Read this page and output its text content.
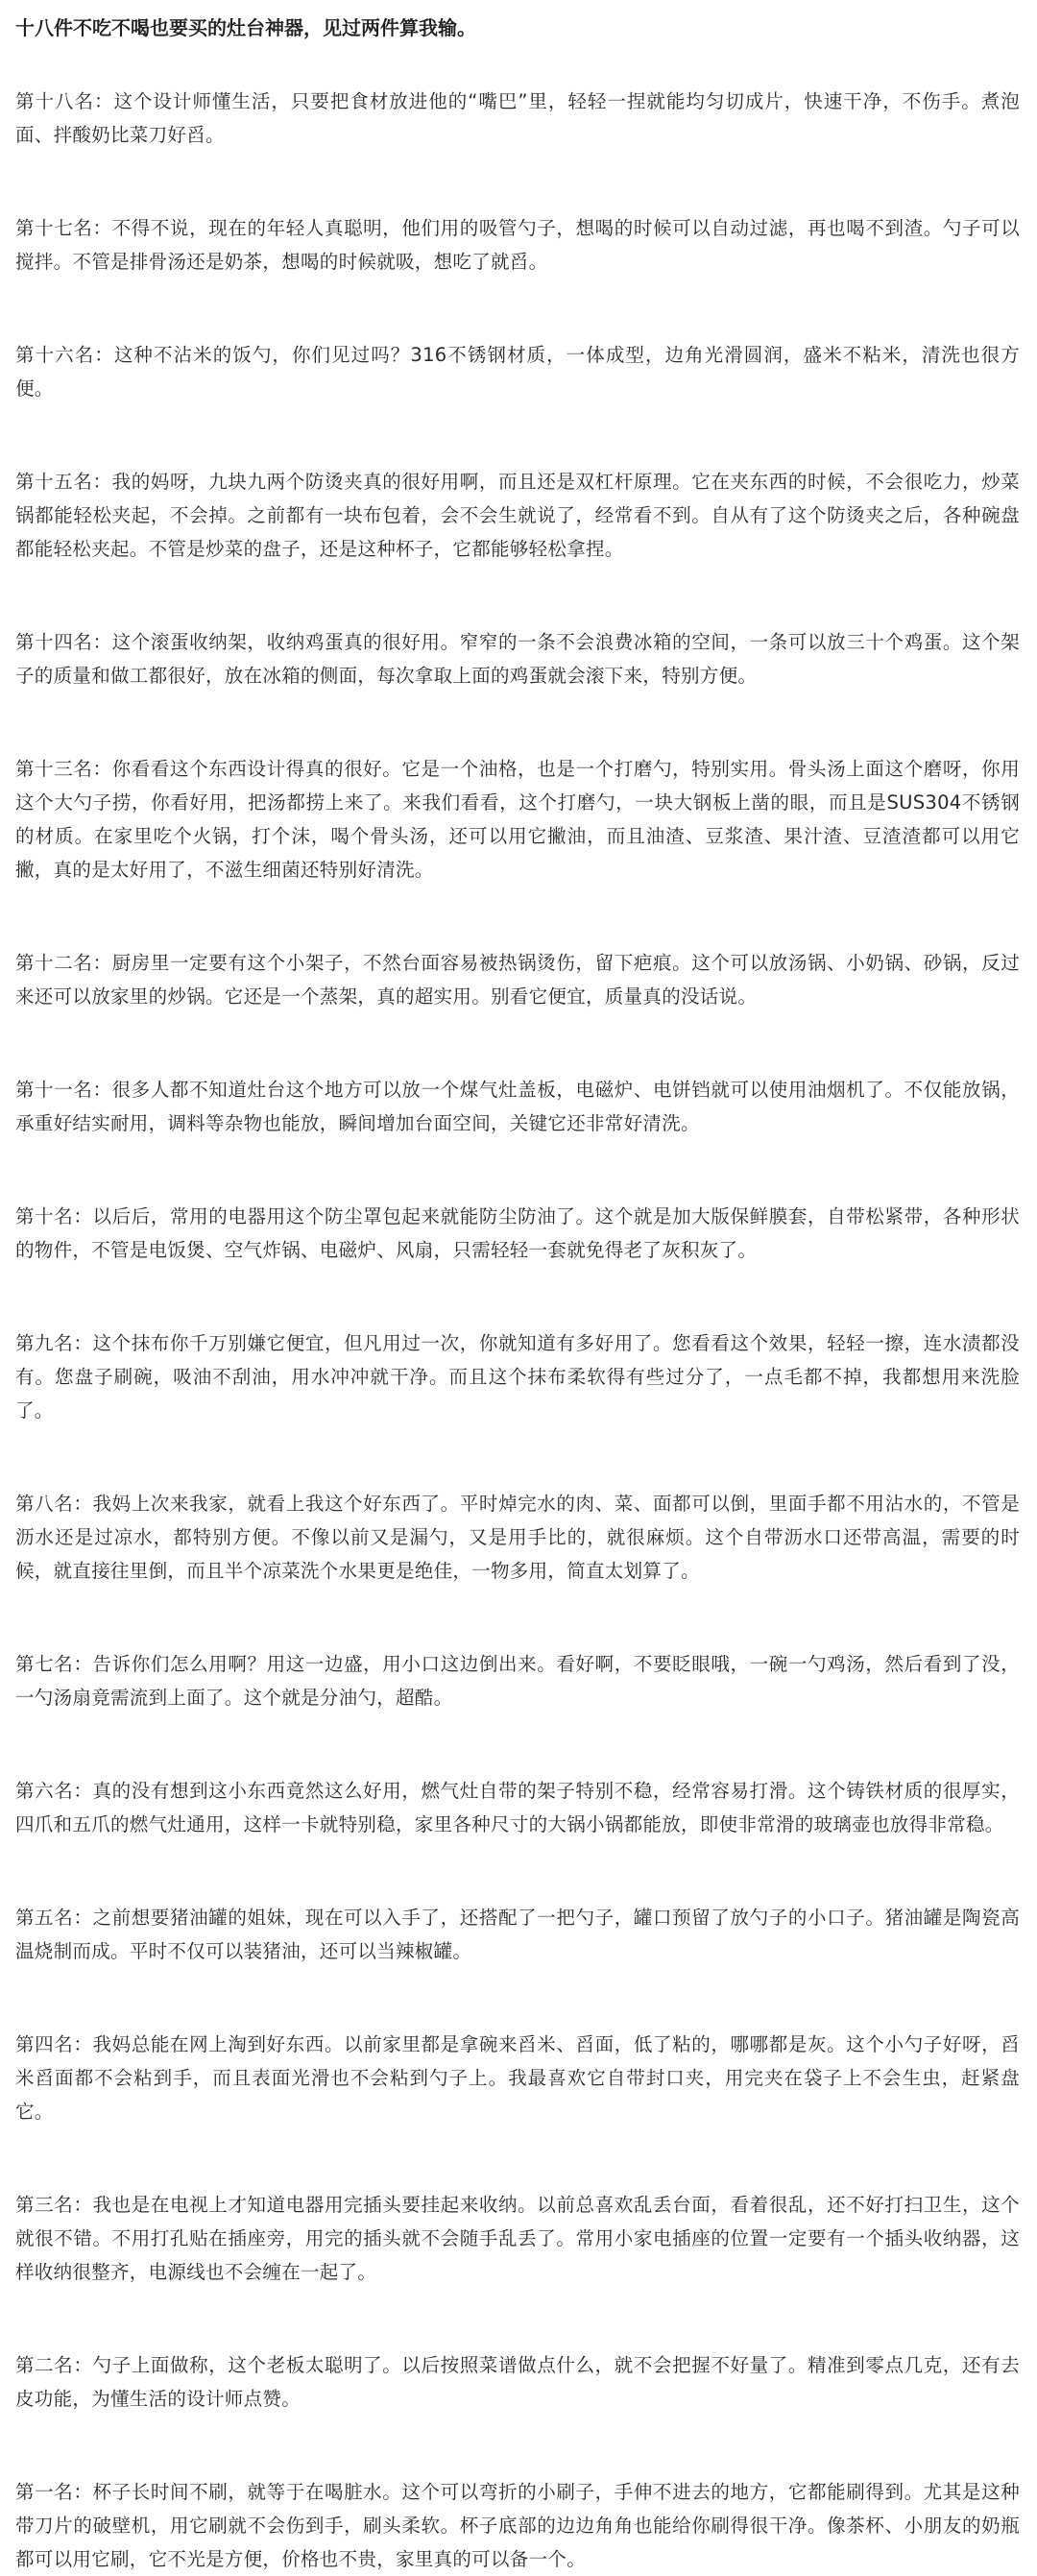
十八件不吃不喝也要买的灶台神器，见过两件算我输。

第十八名：这个设计师懂生活，只要把食材放进他的“嘴巴”里，轻轻一捏就能均匀切成片，快速干净，不伤手。煮泡面、拌酸奶比菜刀好舀。

第十七名：不得不说，现在的年轻人真聪明，他们用的吸管勺子，想喝的时候可以自动过滤，再也喝不到渣。勺子可以搅拌。不管是排骨汤还是奶茶，想喝的时候就吸，想吃了就舀。

第十六名：这种不沾米的饭勺，你们见过吗？316不锈钢材质，一体成型，边角光滑圆润，盛米不粘米，清洗也很方便。

第十五名：我的妈呀，九块九两个防烫夹真的很好用啊，而且还是双杠杆原理。它在夹东西的时候，不会很吃力，炒菜锅都能轻松夹起，不会掉。之前都有一块布包着，会不会生就说了，经常看不到。自从有了这个防烫夹之后，各种碗盘都能轻松夹起。不管是炒菜的盘子，还是这种杯子，它都能够轻松拿捏。

第十四名：这个滚蛋收纳架，收纳鸡蛋真的很好用。窄窄的一条不会浪费冰箱的空间，一条可以放三十个鸡蛋。这个架子的质量和做工都很好，放在冰箱的侧面，每次拿取上面的鸡蛋就会滚下来，特别方便。

第十三名：你看看这个东西设计得真的很好。它是一个油格，也是一个打磨勺，特别实用。骨头汤上面这个磨呀，你用这个大勺子捞，你看好用，把汤都捞上来了。来我们看看，这个打磨勺，一块大钢板上凿的眼，而且是SUS304不锈钢的材质。在家里吃个火锅，打个沫，喝个骨头汤，还可以用它撇油，而且油渣、豆浆渣、果汁渣、豆渣渣都可以用它撇，真的是太好用了，不滋生细菌还特别好清洗。

第十二名：厨房里一定要有这个小架子，不然台面容易被热锅烫伤，留下疤痕。这个可以放汤锅、小奶锅、砂锅，反过来还可以放家里的炒锅。它还是一个蒸架，真的超实用。别看它便宜，质量真的没话说。

第十一名：很多人都不知道灶台这个地方可以放一个煤气灶盖板，电磁炉、电饼铛就可以使用油烟机了。不仅能放锅，承重好结实耐用，调料等杂物也能放，瞬间增加台面空间，关键它还非常好清洗。

第十名：以后后，常用的电器用这个防尘罩包起来就能防尘防油了。这个就是加大版保鲜膜套，自带松紧带，各种形状的物件，不管是电饭煲、空气炸锅、电磁炉、风扇，只需轻轻一套就免得老了灰积灰了。

第九名：这个抹布你千万别嫌它便宜，但凡用过一次，你就知道有多好用了。您看看这个效果，轻轻一擦，连水渍都没有。您盘子刷碗，吸油不刮油，用水冲冲就干净。而且这个抹布柔软得有些过分了，一点毛都不掉，我都想用来洗脸了。

第八名：我妈上次来我家，就看上我这个好东西了。平时焯完水的肉、菜、面都可以倒，里面手都不用沾水的，不管是沥水还是过凉水，都特别方便。不像以前又是漏勺，又是用手比的，就很麻烦。这个自带沥水口还带高温，需要的时候，就直接往里倒，而且半个凉菜洗个水果更是绝佳，一物多用，简直太划算了。

第七名：告诉你们怎么用啊？用这一边盛，用小口这边倒出来。看好啊，不要眨眼哦，一碗一勺鸡汤，然后看到了没，一勺汤扇竟需流到上面了。这个就是分油勺，超酷。

第六名：真的没有想到这小东西竟然这么好用，燃气灶自带的架子特别不稳，经常容易打滑。这个铸铁材质的很厚实，四爪和五爪的燃气灶通用，这样一卡就特别稳，家里各种尺寸的大锅小锅都能放，即使非常滑的玻璃壶也放得非常稳。

第五名：之前想要猪油罐的姐妹，现在可以入手了，还搭配了一把勺子，罐口预留了放勺子的小口子。猪油罐是陶瓷高温烧制而成。平时不仅可以装猪油，还可以当辣椒罐。

第四名：我妈总能在网上淘到好东西。以前家里都是拿碗来舀米、舀面，低了粘的，哪哪都是灰。这个小勺子好呀，舀米舀面都不会粘到手，而且表面光滑也不会粘到勺子上。我最喜欢它自带封口夹，用完夹在袋子上不会生虫，赶紧盘它。

第三名：我也是在电视上才知道电器用完插头要挂起来收纳。以前总喜欢乱丢台面，看着很乱，还不好打扫卫生，这个就很不错。不用打孔贴在插座旁，用完的插头就不会随手乱丢了。常用小家电插座的位置一定要有一个插头收纳器，这样收纳很整齐，电源线也不会缠在一起了。

第二名：勺子上面做称，这个老板太聪明了。以后按照菜谱做点什么，就不会把握不好量了。精准到零点几克，还有去皮功能，为懂生活的设计师点赞。

第一名：杯子长时间不刷，就等于在喝脏水。这个可以弯折的小刷子，手伸不进去的地方，它都能刷得到。尤其是这种带刀片的破壁机，用它刷就不会伤到手，刷头柔软。杯子底部的边边角角也能给你刷得很干净。像茶杯、小朋友的奶瓶都可以用它刷，它不光是方便，价格也不贵，家里真的可以备一个。
